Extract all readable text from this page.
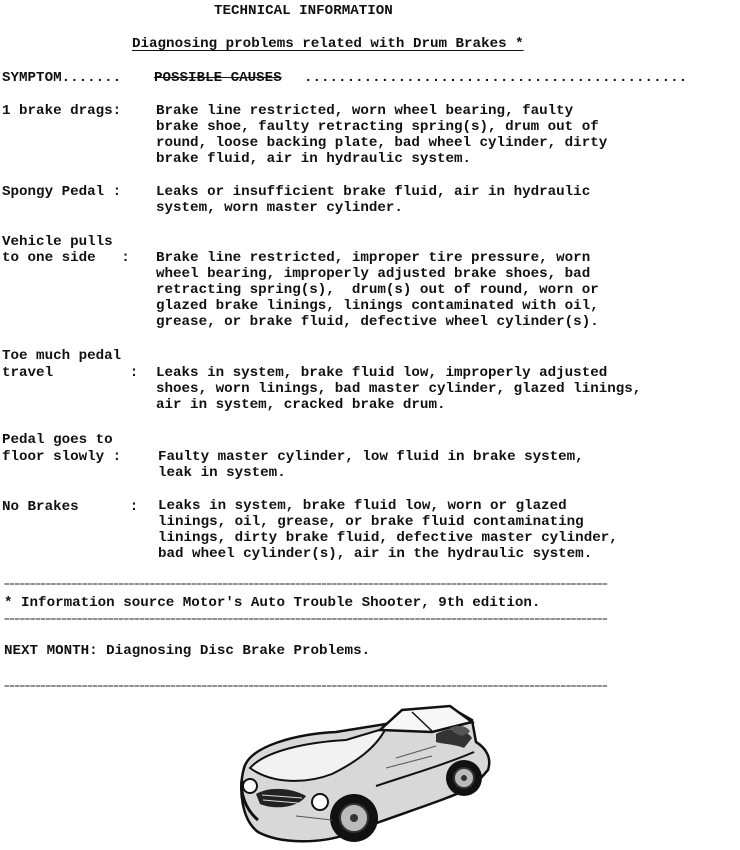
TECHNICAL INFORMATION
Diagnosing problems related with Drum Brakes *
SYMPTOM....... POSSIBLE CAUSES .............................................
1 brake drags: Brake line restricted, worn wheel bearing, faulty
brake shoe, faulty retracting spring(s), drum out of
round, loose backing plate, bad wheel cylinder, dirty
brake fluid, air in hydraulic system.
Spongy Pedal : Leaks or insufficient brake fluid, air in hydraulic
system, worn master cylinder.
Vehicle pulls
to one side   : Brake line restricted, improper tire pressure, worn
wheel bearing, improperly adjusted brake shoes, bad
retracting spring(s),  drum(s) out of round, worn or
glazed brake linings, linings contaminated with oil,
grease, or brake fluid, defective wheel cylinder(s).
Toe much pedal
travel         : Leaks in system, brake fluid low, improperly adjusted
shoes, worn linings, bad master cylinder, glazed linings,
air in system, cracked brake drum.
Pedal goes to
floor slowly :	Faulty master cylinder, low fluid in brake system,
leak in system.
No Brakes      : Leaks in system, brake fluid low, worn or glazed
linings, oil, grease, or brake fluid contaminating
linings, dirty brake fluid, defective master cylinder,
bad wheel cylinder(s), air in the hydraulic system.
====================================================================================================================
* Information source Motor's Auto Trouble Shooter, 9th edition.
====================================================================================================================
NEXT MONTH: Diagnosing Disc Brake Problems.
====================================================================================================================
